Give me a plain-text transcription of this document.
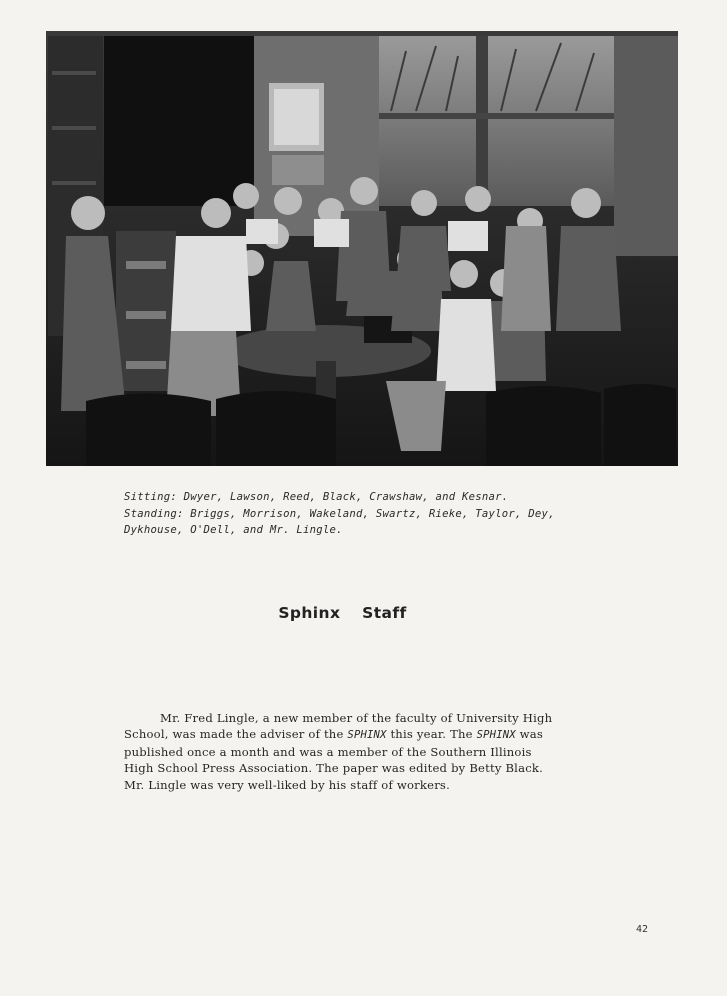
Sitting: Dwyer, Lawson, Reed, Black, Crawshaw, and Kesnar.
Standing: Briggs, Morrison, Wakeland, Swartz, Rieke, Taylor, Dey,
Dykhouse, O'Dell, and Mr. Lingle.
Sphinx Staff
Mr. Fred Lingle, a new member of the faculty of University High
School, was made the adviser of the SPHINX this year. The SPHINX was
published once a month and was a member of the Southern Illinois
High School Press Association. The paper was edited by Betty Black.
Mr. Lingle was very well-liked by his staff of workers.
42
